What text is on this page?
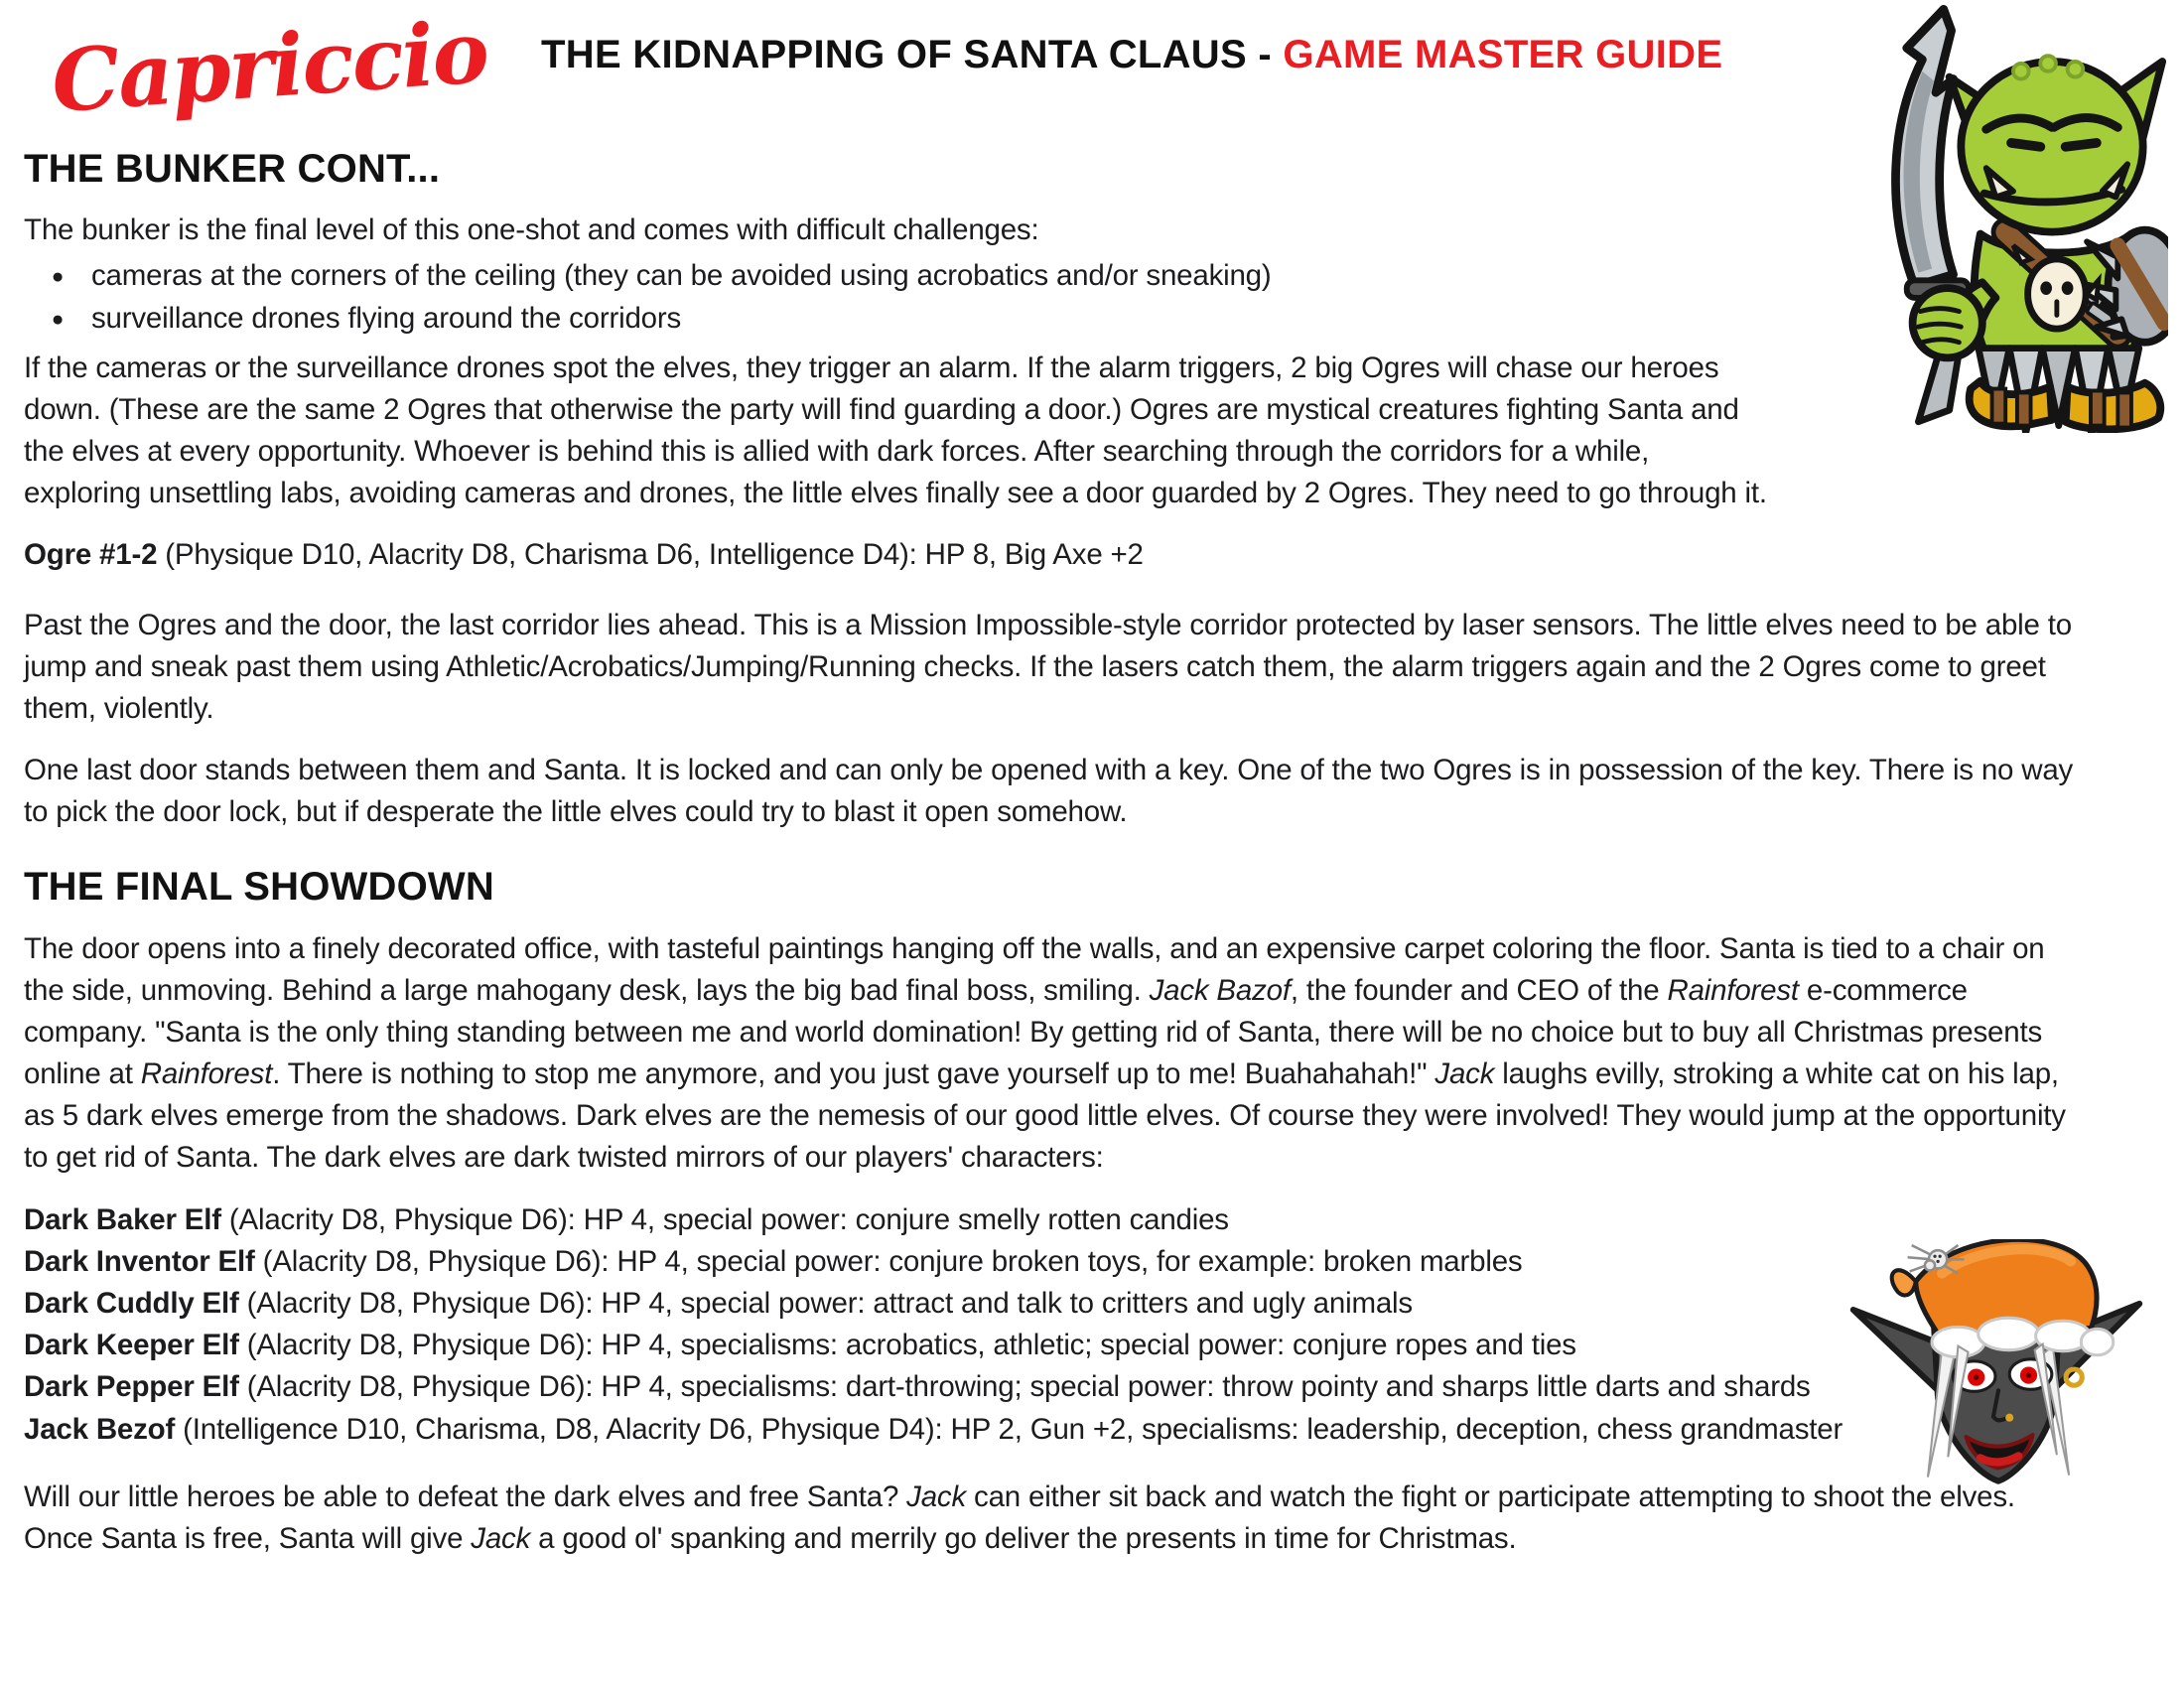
Capriccio THE KIDNAPPING OF SANTA CLAUS - GAME MASTER GUIDE
THE BUNKER CONT...

The bunker is the final level of this one-shot and comes with difficult challenges:

● cameras at the corners of the ceiling (they can be avoided using acrobatics and/or sneaking)
● surveillance drones flying around the corridors

If the cameras or the surveillance drones spot the elves, they trigger an alarm. If the alarm triggers, 2 big Ogres will chase our heroes down. (These are the same 2 Ogres that otherwise the party will find guarding a door.) Ogres are mystical creatures fighting Santa and the elves at every opportunity. Whoever is behind this is allied with dark forces. After searching through the corridors for a while, exploring unsettling labs, avoiding cameras and drones, the little elves finally see a door guarded by 2 Ogres. They need to go through it.

Ogre #1-2 (Physique D10, Alacrity D8, Charisma D6, Intelligence D4): HP 8, Big Axe +2

Past the Ogres and the door, the last corridor lies ahead. This is a Mission Impossible-style corridor protected by laser sensors. The little elves need to be able to jump and sneak past them using Athletic/Acrobatics/Jumping/Running checks. If the lasers catch them, the alarm triggers again and the 2 Ogres come to greet them, violently.

One last door stands between them and Santa. It is locked and can only be opened with a key. One of the two Ogres is in possession of the key. There is no way to pick the door lock, but if desperate the little elves could try to blast it open somehow.

THE FINAL SHOWDOWN

The door opens into a finely decorated office, with tasteful paintings hanging off the walls, and an expensive carpet coloring the floor. Santa is tied to a chair on the side, unmoving. Behind a large mahogany desk, lays the big bad final boss, smiling. Jack Bazof, the founder and CEO of the Rainforest e-commerce company. "Santa is the only thing standing between me and world domination! By getting rid of Santa, there will be no choice but to buy all Christmas presents online at Rainforest. There is nothing to stop me anymore, and you just gave yourself up to me! Buahahahah!" Jack laughs evilly, stroking a white cat on his lap, as 5 dark elves emerge from the shadows. Dark elves are the nemesis of our good little elves. Of course they were involved! They would jump at the opportunity to get rid of Santa. The dark elves are dark twisted mirrors of our players' characters:

Dark Baker Elf (Alacrity D8, Physique D6): HP 4, special power: conjure smelly rotten candies
Dark Inventor Elf (Alacrity D8, Physique D6): HP 4, special power: conjure broken toys, for example: broken marbles
Dark Cuddly Elf (Alacrity D8, Physique D6): HP 4, special power: attract and talk to critters and ugly animals
Dark Keeper Elf (Alacrity D8, Physique D6): HP 4, specialisms: acrobatics, athletic; special power: conjure ropes and ties
Dark Pepper Elf (Alacrity D8, Physique D6): HP 4, specialisms: dart-throwing; special power: throw pointy and sharps little darts and shards
Jack Bezof (Intelligence D10, Charisma, D8, Alacrity D6, Physique D4): HP 2, Gun +2, specialisms: leadership, deception, chess grandmaster

Will our little heroes be able to defeat the dark elves and free Santa? Jack can either sit back and watch the fight or participate attempting to shoot the elves. Once Santa is free, Santa will give Jack a good ol' spanking and merrily go deliver the presents in time for Christmas.
